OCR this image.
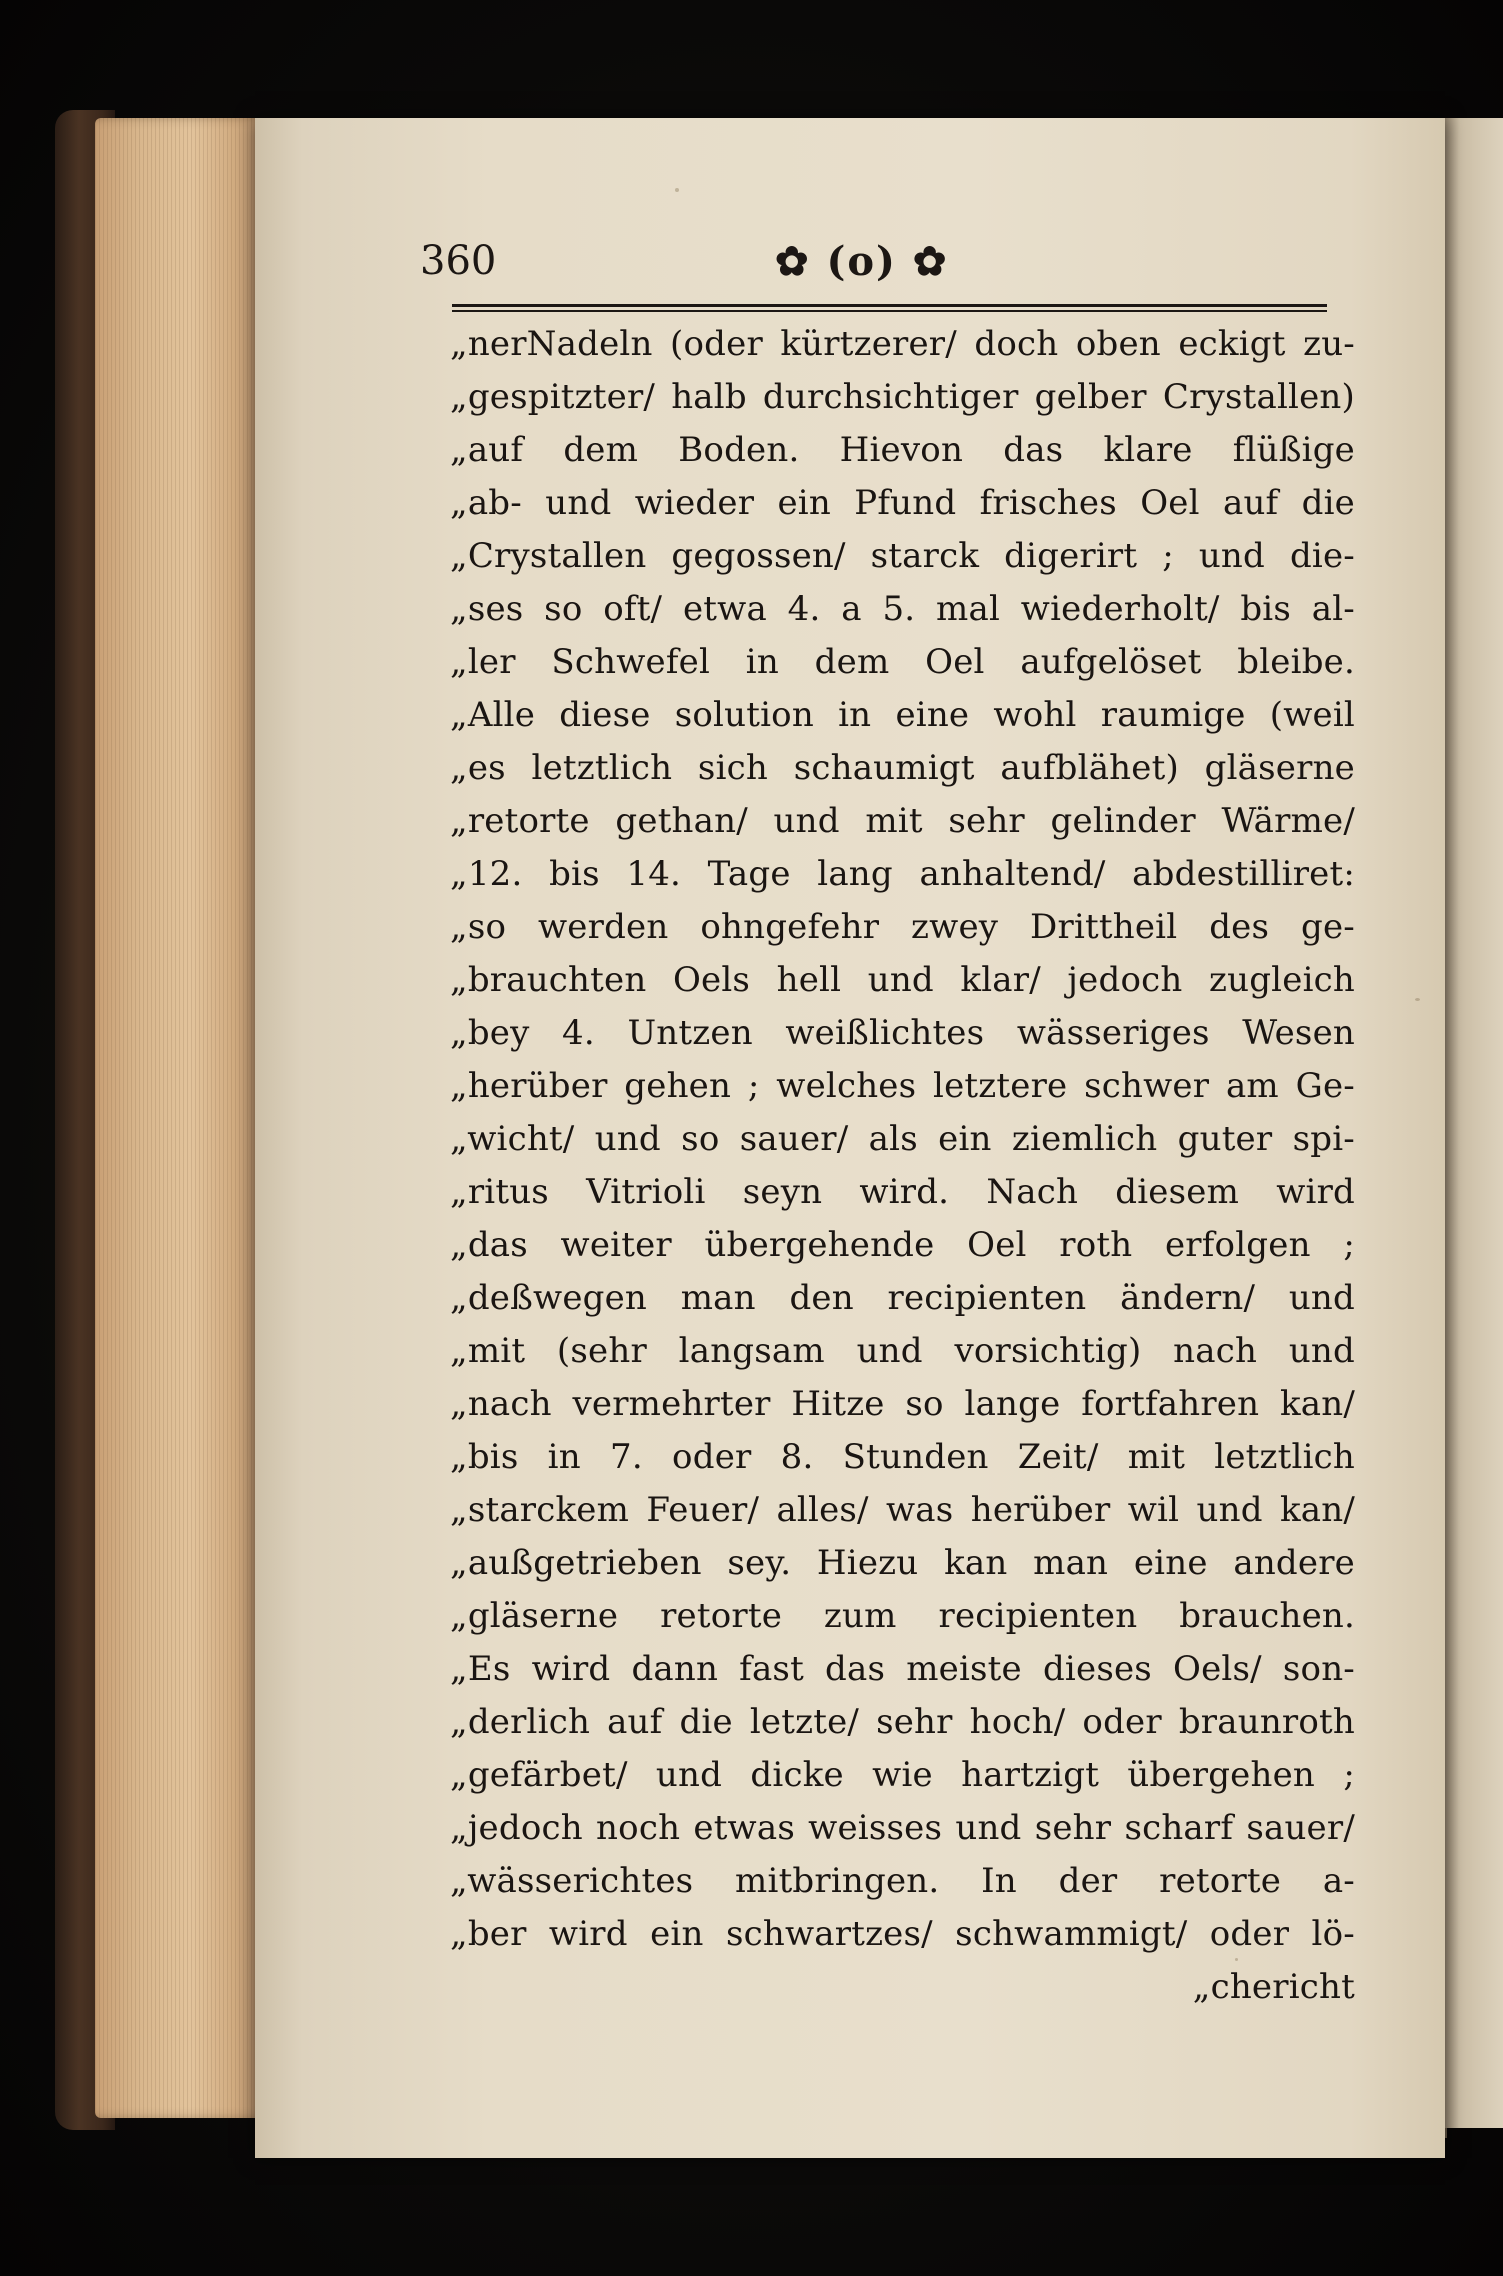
360	✿ (o) ✿
„nerNadeln (oder kürtzerer/ doch oben eckigt zu-
„gespitzter/ halb durchsichtiger gelber Crystallen)
„auf dem Boden. Hievon das klare flüßige
„ab- und wieder ein Pfund frisches Oel auf die
„Crystallen gegossen/ starck digerirt ; und die-
„ses so oft/ etwa 4. a 5. mal wiederholt/ bis al-
„ler Schwefel in dem Oel aufgelöset bleibe.
„Alle diese solution in eine wohl raumige (weil
„es letztlich sich schaumigt aufblähet) gläserne
„retorte gethan/ und mit sehr gelinder Wärme/
„12. bis 14. Tage lang anhaltend/ abdestilliret:
„so werden ohngefehr zwey Drittheil des ge-
„brauchten Oels hell und klar/ jedoch zugleich
„bey 4. Untzen weißlichtes wässeriges Wesen
„herüber gehen ; welches letztere schwer am Ge-
„wicht/ und so sauer/ als ein ziemlich guter spi-
„ritus Vitrioli seyn wird. Nach diesem wird
„das weiter übergehende Oel roth erfolgen ;
„deßwegen man den recipienten ändern/ und
„mit (sehr langsam und vorsichtig) nach und
„nach vermehrter Hitze so lange fortfahren kan/
„bis in 7. oder 8. Stunden Zeit/ mit letztlich
„starckem Feuer/ alles/ was herüber wil und kan/
„außgetrieben sey. Hiezu kan man eine andere
„gläserne retorte zum recipienten brauchen.
„Es wird dann fast das meiste dieses Oels/ son-
„derlich auf die letzte/ sehr hoch/ oder braunroth
„gefärbet/ und dicke wie hartzigt übergehen ;
„jedoch noch etwas weisses und sehr scharf sauer/
„wässerichtes mitbringen. In der retorte a-
„ber wird ein schwartzes/ schwammigt/ oder lö-
„chericht
